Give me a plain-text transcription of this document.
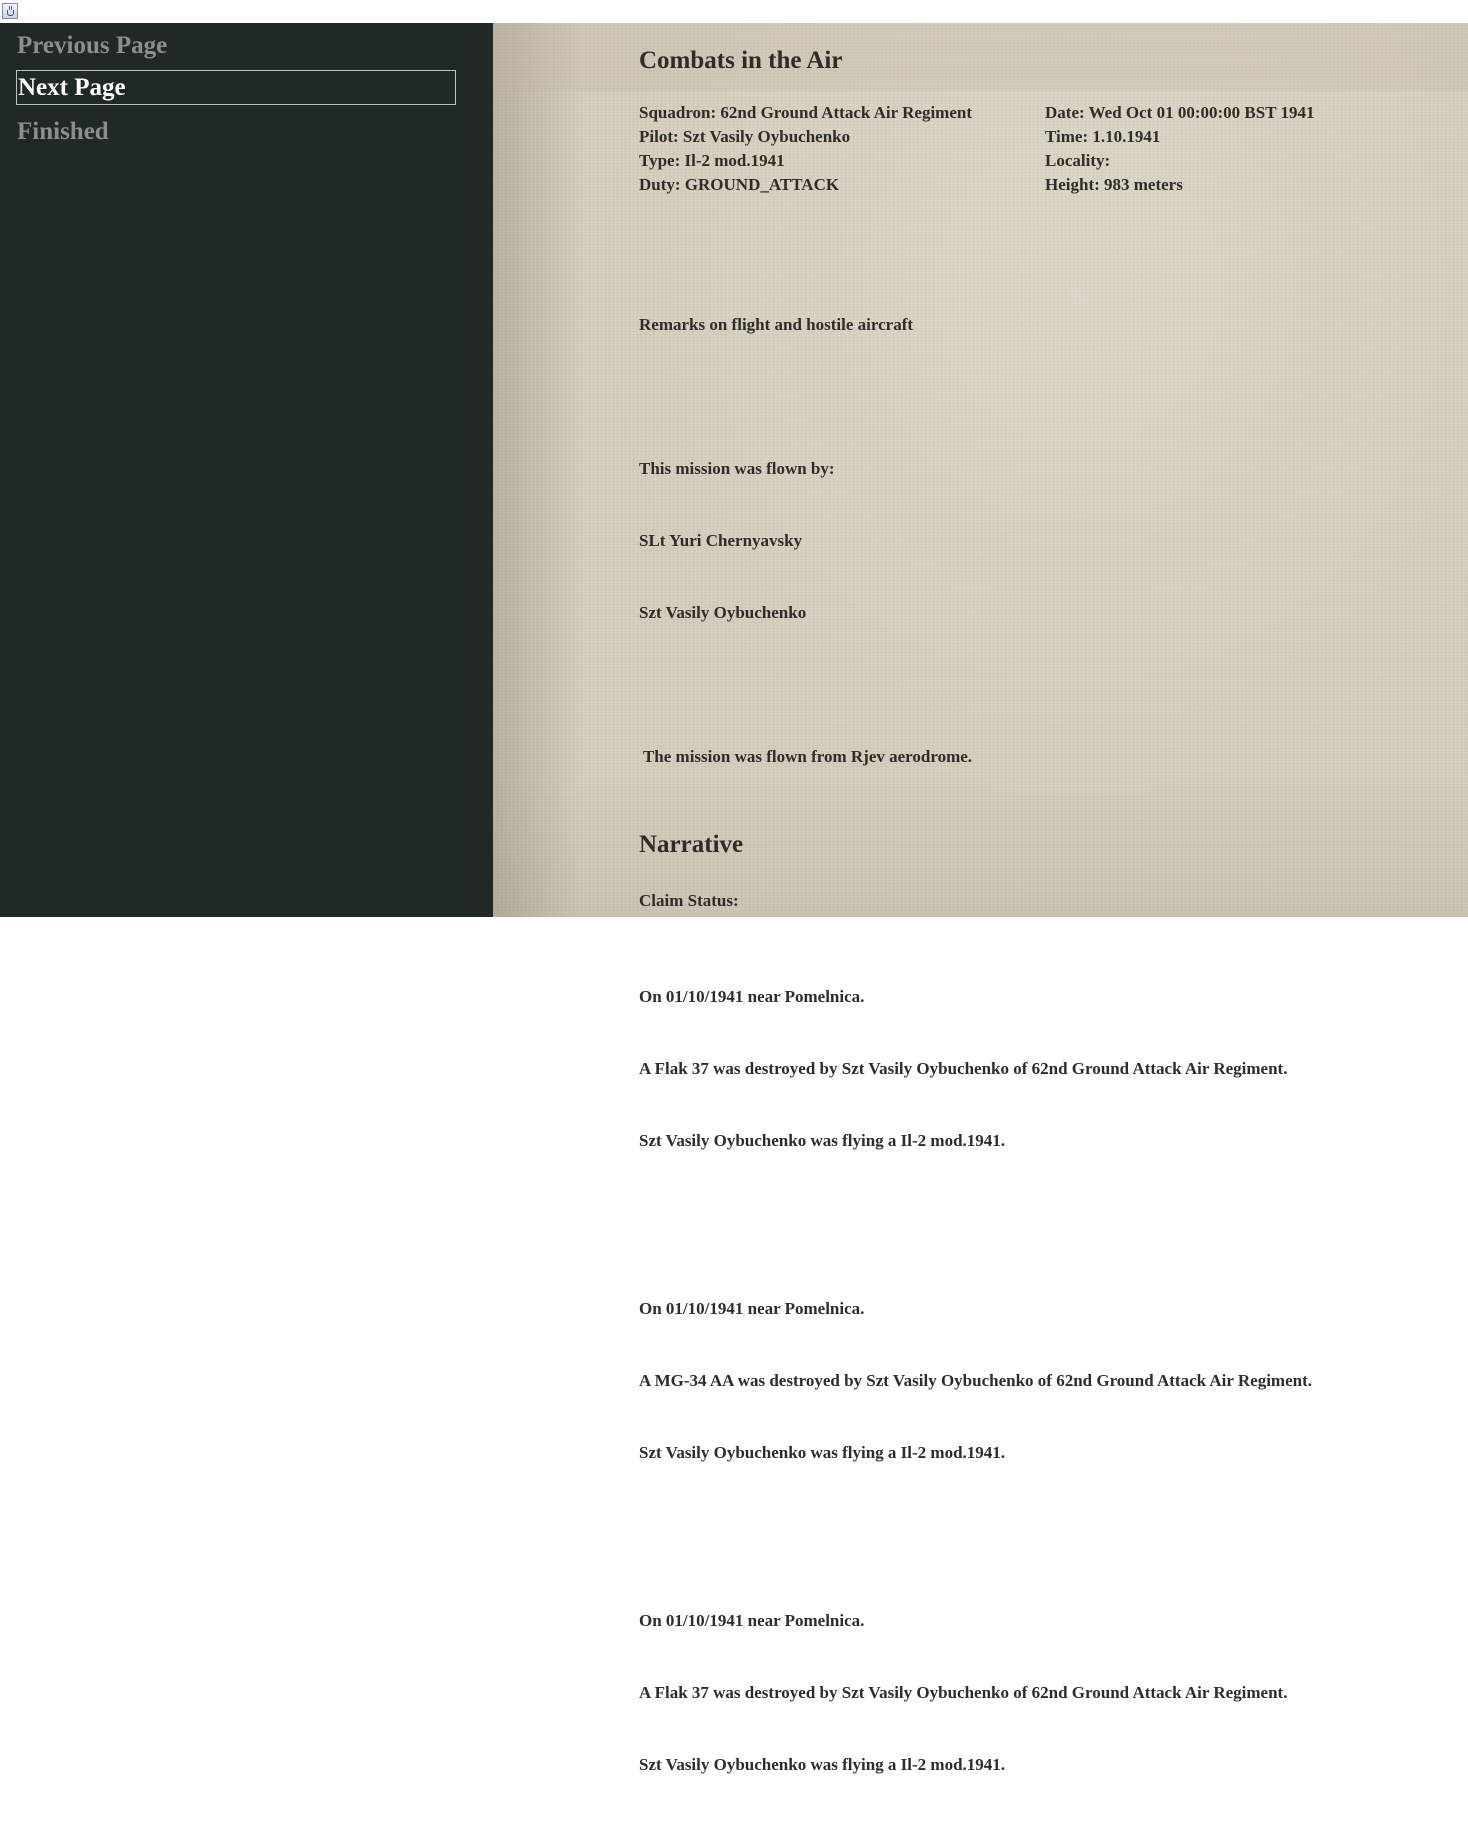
Previous Page
Next Page
Finished
Combats in the Air
Squadron: 62nd Ground Attack Air Regiment
Pilot: Szt Vasily Oybuchenko
Type: Il-2 mod.1941
Duty: GROUND_ATTACK
Date: Wed Oct 01 00:00:00 BST 1941
Time: 1.10.1941
Locality:
Height: 983 meters

Remarks on flight and hostile aircraft

This mission was flown by:

SLt Yuri Chernyavsky

Szt Vasily Oybuchenko

The mission was flown from Rjev aerodrome.

Claim Status:

On 01/10/1941 near Pomelnica.

A Flak 37 was destroyed by Szt Vasily Oybuchenko of 62nd Ground Attack Air Regiment.

Szt Vasily Oybuchenko was flying a Il-2 mod.1941.

On 01/10/1941 near Pomelnica.

A MG-34 AA was destroyed by Szt Vasily Oybuchenko of 62nd Ground Attack Air Regiment.

Szt Vasily Oybuchenko was flying a Il-2 mod.1941.

On 01/10/1941 near Pomelnica.

A Flak 37 was destroyed by Szt Vasily Oybuchenko of 62nd Ground Attack Air Regiment.

Szt Vasily Oybuchenko was flying a Il-2 mod.1941.

Narrative
